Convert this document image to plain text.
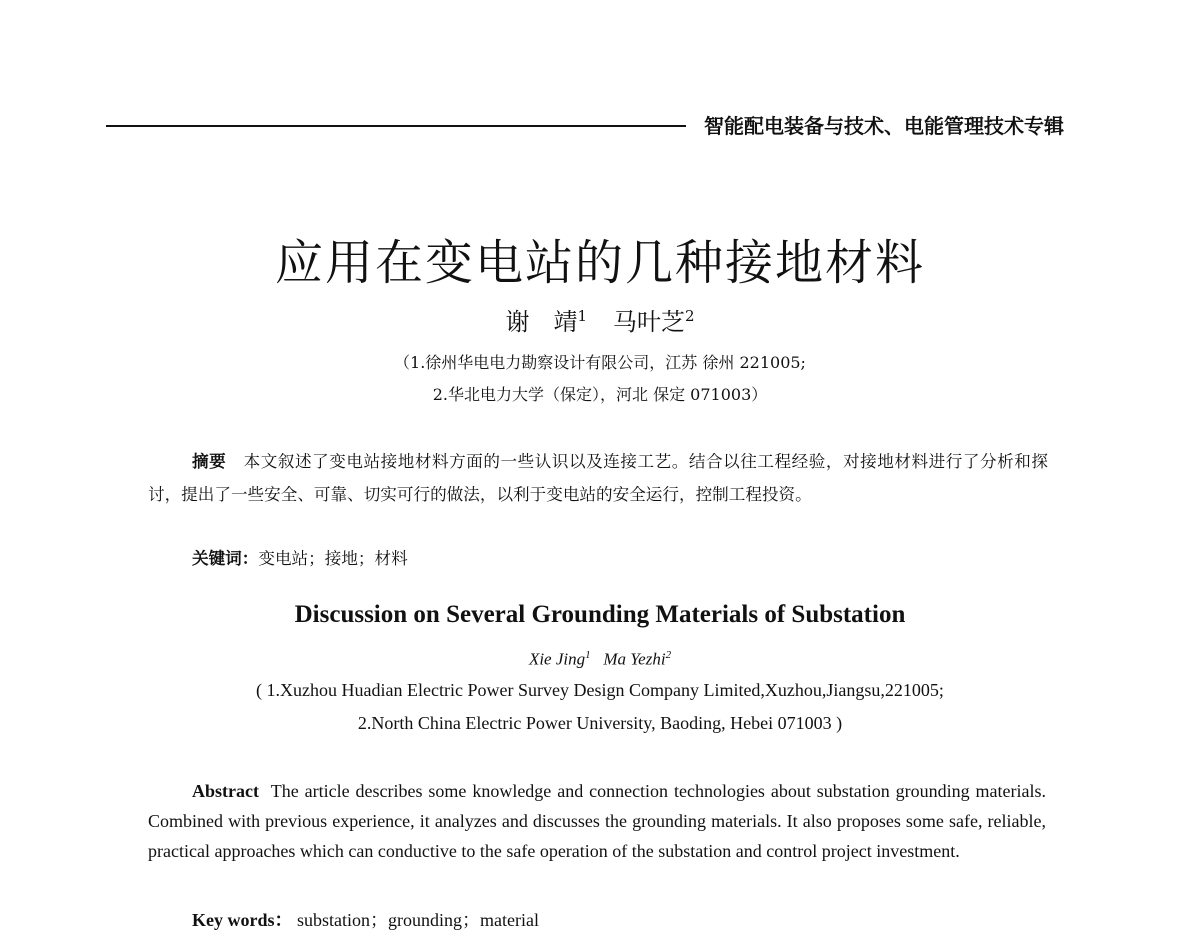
智能配电装备与技术、电能管理技术专辑
应用在变电站的几种接地材料
谢　靖$^1$ 马叶芝$^2$
（1.徐州华电电力勘察设计有限公司，江苏 徐州 221005;
2.华北电力大学（保定），河北 保定 071003）
摘要 本文叙述了变电站接地材料方面的一些认识以及连接工艺。结合以往工程经验，对接地材料进行了分析和探讨，提出了一些安全、可靠、切实可行的做法，以利于变电站的安全运行，控制工程投资。
关键词：变电站；接地；材料
Discussion on Several Grounding Materials of Substation
Xie Jing$^1$ Ma Yezhi$^2$
( 1.Xuzhou Huadian Electric Power Survey Design Company Limited,Xuzhou,Jiangsu,221005;
2.North China Electric Power University, Baoding, Hebei 071003 )
Abstract The article describes some knowledge and connection technologies about substation grounding materials. Combined with previous experience, it analyzes and discusses the grounding materials. It also proposes some safe, reliable, practical approaches which can conductive to the safe operation of the substation and control project investment.
Key words： substation；grounding；material
